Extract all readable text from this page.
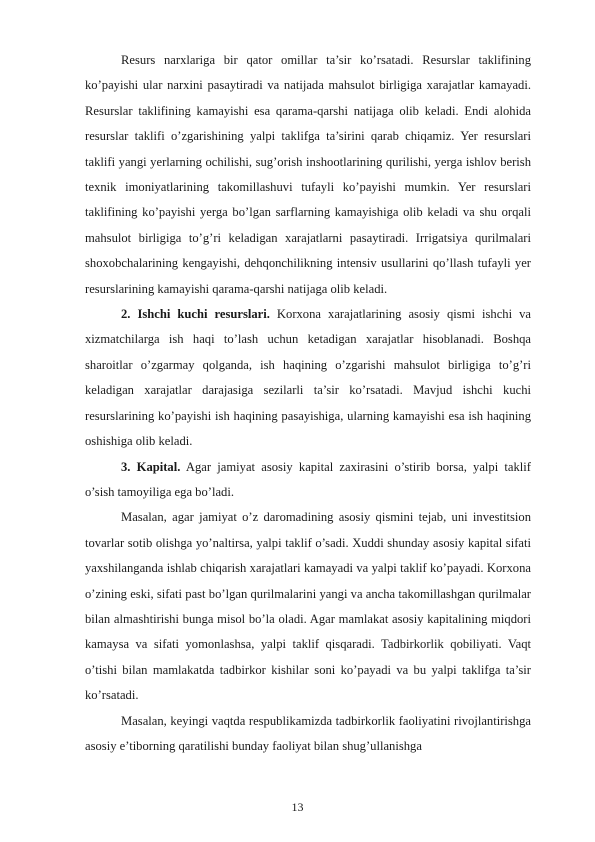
Resurs narxlariga bir qator omillar ta’sir ko’rsatadi. Resurslar taklifining ko’payishi ular narxini pasaytiradi va natijada mahsulot birligiga xarajatlar kamayadi. Resurslar taklifining kamayishi esa qarama-qarshi natijaga olib keladi. Endi alohida resurslar taklifi o’zgarishining yalpi taklifga ta’sirini qarab chiqamiz. Yer resurslari taklifi yangi yerlarning ochilishi, sug’orish inshootlarining qurilishi, yerga ishlov berish texnik imoniyatlarining takomillashuvi tufayli ko’payishi mumkin. Yer resurslari taklifining ko’payishi yerga bo’lgan sarflarning kamayishiga olib keladi va shu orqali mahsulot birligiga to’g’ri keladigan xarajatlarni pasaytiradi. Irrigatsiya qurilmalari shoxobchalarining kengayishi, dehqonchilikning intensiv usullarini qo’llash tufayli yer resurslarining kamayishi qarama-qarshi natijaga olib keladi.

2. Ishchi kuchi resurslari. Korxona xarajatlarining asosiy qismi ishchi va xizmatchilarga ish haqi to’lash uchun ketadigan xarajatlar hisoblanadi. Boshqa sharoitlar o’zgarmay qolganda, ish haqining o’zgarishi mahsulot birligiga to’g’ri keladigan xarajatlar darajasiga sezilarli ta’sir ko’rsatadi. Mavjud ishchi kuchi resurslarining ko’payishi ish haqining pasayishiga, ularning kamayishi esa ish haqining oshishiga olib keladi.

3. Kapital. Agar jamiyat asosiy kapital zaxirasini o’stirib borsa, yalpi taklif o’sish tamoyiliga ega bo’ladi.

Masalan, agar jamiyat o’z daromadining asosiy qismini tejab, uni investitsion tovarlar sotib olishga yo’naltirsa, yalpi taklif o’sadi. Xuddi shunday asosiy kapital sifati yaxshilanganda ishlab chiqarish xarajatlari kamayadi va yalpi taklif ko’payadi. Korxona o’zining eski, sifati past bo’lgan qurilmalarini yangi va ancha takomillashgan qurilmalar bilan almashtirishi bunga misol bo’la oladi. Agar mamlakat asosiy kapitalining miqdori kamaysa va sifati yomonlashsa, yalpi taklif qisqaradi. Tadbirkorlik qobiliyati. Vaqt o’tishi bilan mamlakatda tadbirkor kishilar soni ko’payadi va bu yalpi taklifga ta’sir ko’rsatadi.

Masalan, keyingi vaqtda respublikamizda tadbirkorlik faoliyatini rivojlantirishga asosiy e’tiborning qaratilishi bunday faoliyat bilan shug’ullanishga

13
